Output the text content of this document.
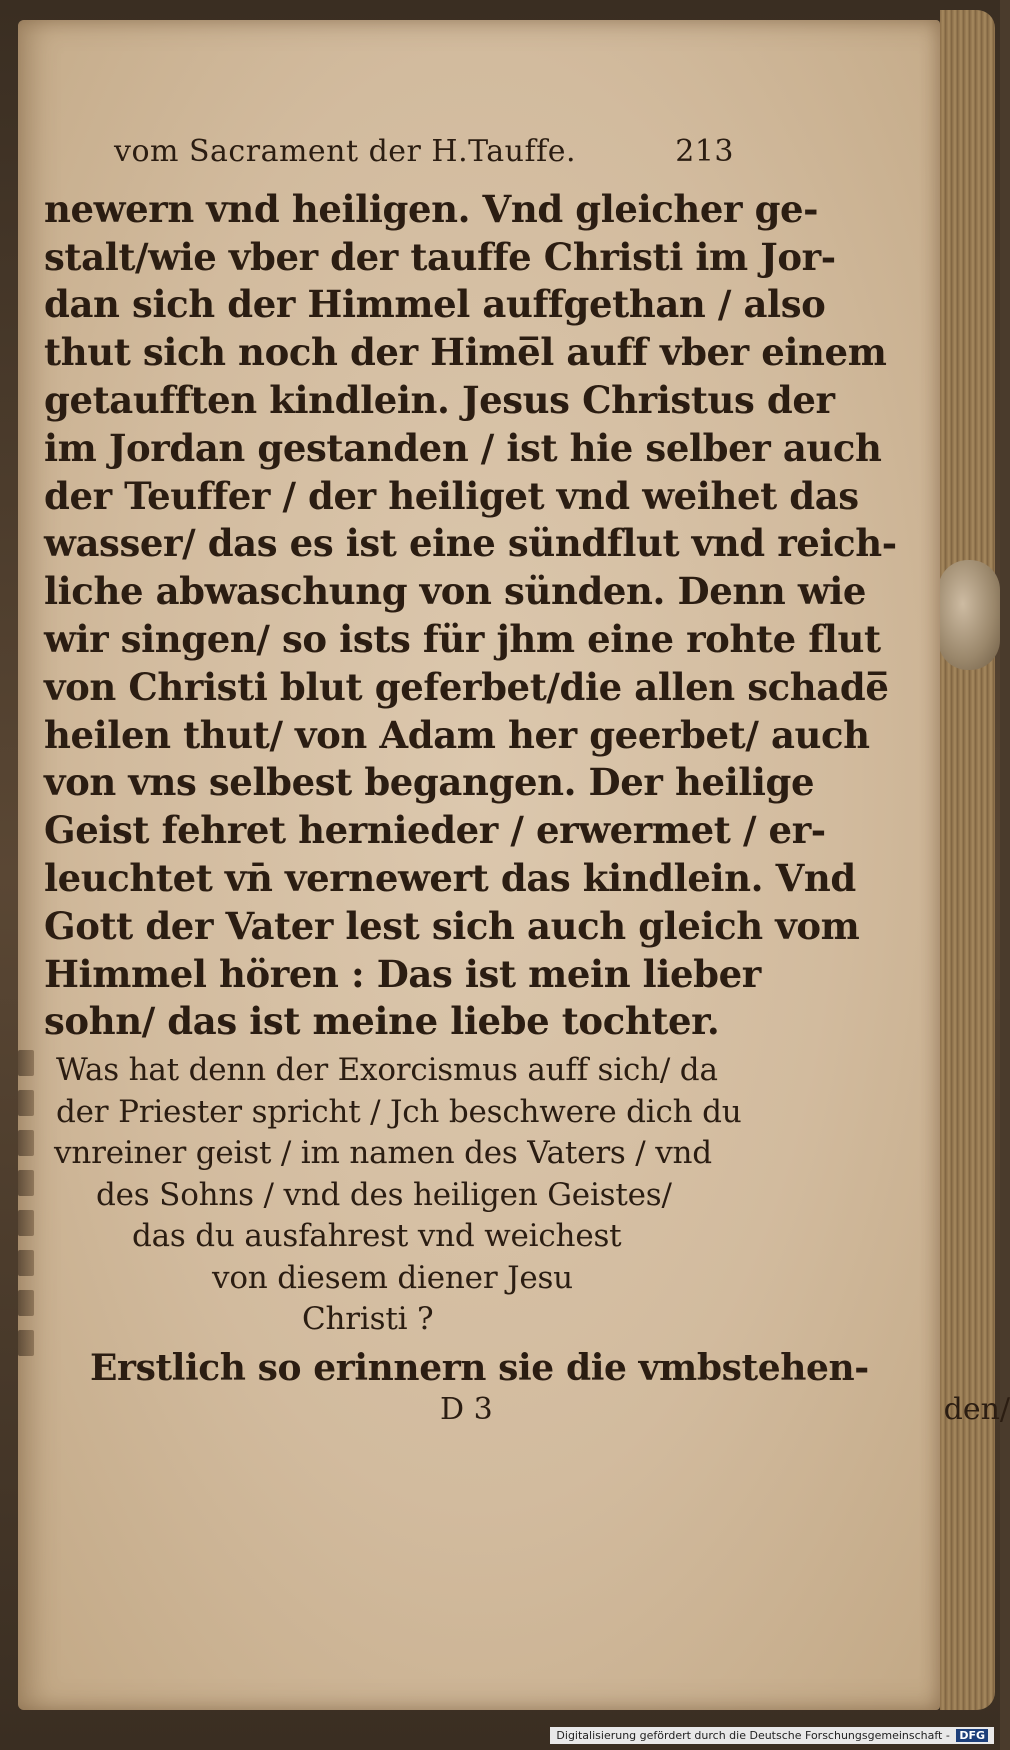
vom Sacrament der H.Tauffe.	213
newern vnd heiligen. Vnd gleicher ge-
stalt/wie vber der tauffe Christi im Jor-
dan sich der Himmel auffgethan / also
thut sich noch der Hime̅l auff vber einem
getaufften kindlein. Jesus Christus der
im Jordan gestanden / ist hie selber auch
der Teuffer / der heiliget vnd weihet das
wasser/ das es ist eine sündflut vnd reich-
liche abwaschung von sünden. Denn wie
wir singen/ so ists für jhm eine rohte flut
von Christi blut geferbet/die allen schade̅
heilen thut/ von Adam her geerbet/ auch
von vns selbest begangen. Der heilige
Geist fehret hernieder / erwermet / er-
leuchtet vn̄ vernewert das kindlein. Vnd
Gott der Vater lest sich auch gleich vom
Himmel hören : Das ist mein lieber
sohn/ das ist meine liebe tochter.
Was hat denn der Exorcismus auff sich/ da
der Priester spricht / Jch beschwere dich du
vnreiner geist / im namen des Vaters / vnd
des Sohns / vnd des heiligen Geistes/
das du ausfahrest vnd weichest
von diesem diener Jesu
Christi ?
Erstlich so erinnern sie die vmbstehen-
D 3	den/
Digitalisierung gefördert durch die Deutsche Forschungsgemeinschaft - DFG
